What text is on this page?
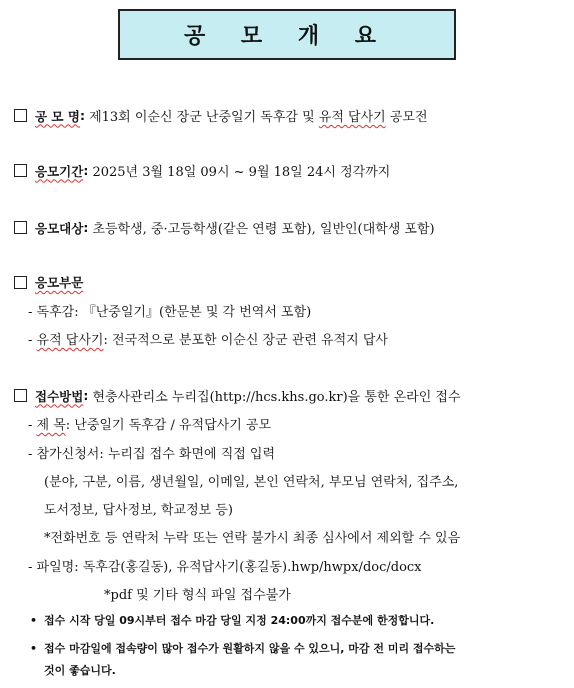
공 모 개 요
공 모 명 : 제13회 이순신 장군 난중일기 독후감 및 유적 답사기 공모전
응모기간 : 2025년 3월 18일 09시 ~ 9월 18일 24시 정각까지
응모대상 : 초등학생, 중·고등학생(같은 연령 포함), 일반인(대학생 포함)
응모부문
- 독후감: 『난중일기』(한문본 및 각 번역서 포함)
- 유적 답사기: 전국적으로 분포한 이순신 장군 관련 유적지 답사
접수방법 : 현충사관리소 누리집(http://hcs.khs.go.kr)을 통한 온라인 접수
- 제 목: 난중일기 독후감 / 유적답사기 공모
- 참가신청서: 누리집 접수 화면에 직접 입력
(분야, 구분, 이름, 생년월일, 이메일, 본인 연락처, 부모님 연락처, 집주소,
도서정보, 답사정보, 학교정보 등)
*전화번호 등 연락처 누락 또는 연락 불가시 최종 심사에서 제외할 수 있음
- 파일명: 독후감(홍길동), 유적답사기(홍길동).hwp/hwpx/doc/docx
*pdf 및 기타 형식 파일 접수불가
• 접수 시작 당일 09시부터 접수 마감 당일 지정 24:00까지 접수분에 한정합니다.
• 접수 마감일에 접속량이 많아 접수가 원활하지 않을 수 있으니, 마감 전 미리 접수하는
것이 좋습니다.
